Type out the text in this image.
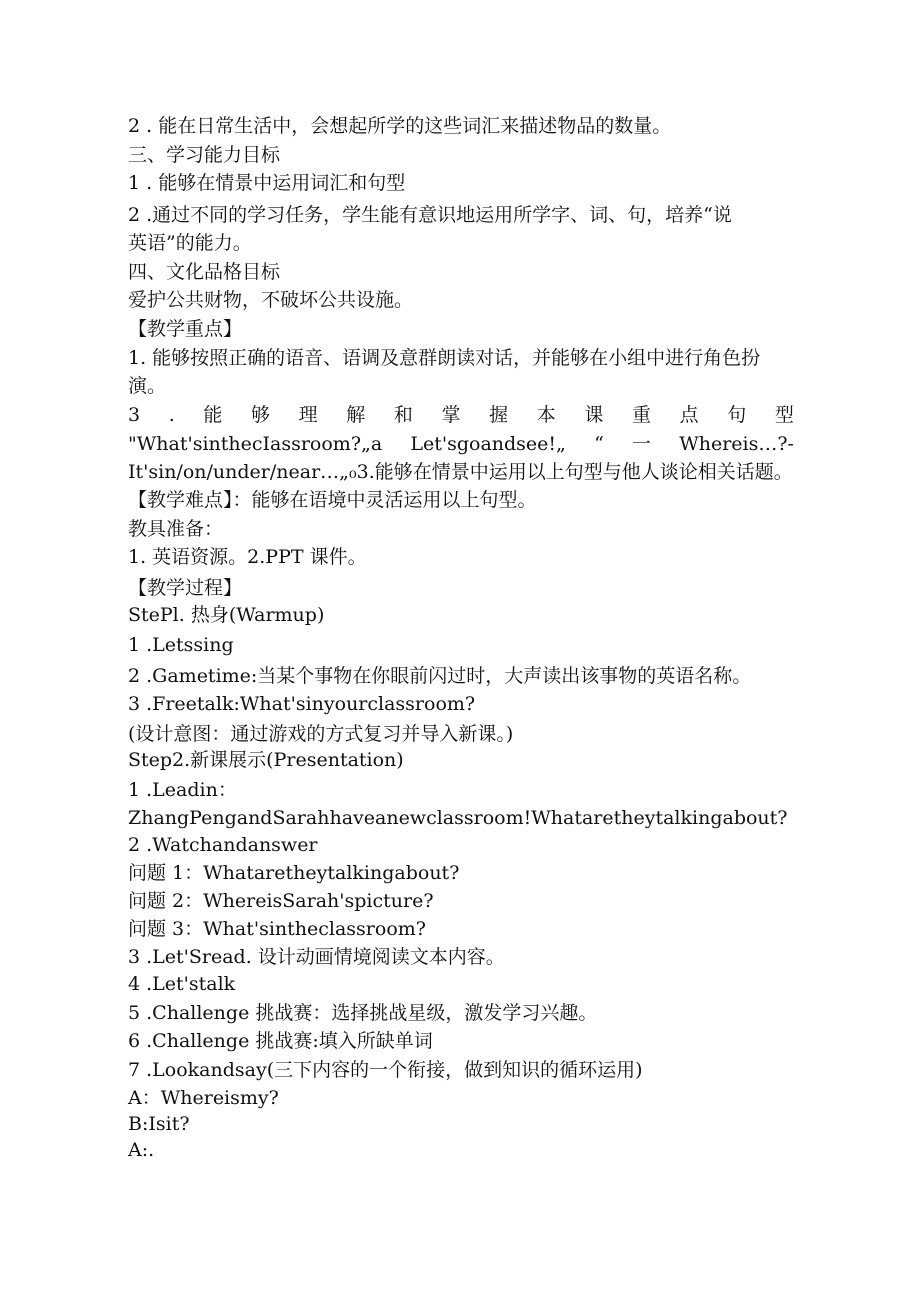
2 . 能在日常生活中，会想起所学的这些词汇来描述物品的数量。
三、学习能力目标
1 . 能够在情景中运用词汇和句型
2 .通过不同的学习任务，学生能有意识地运用所学字、词、句，培养“说
英语”的能力。
四、文化品格目标
爱护公共财物，不破坏公共设施。
【教学重点】
1. 能够按照正确的语音、语调及意群朗读对话，并能够在小组中进行角色扮
演。
3 . 能 够 理 解 和 掌 握 本 课 重 点 句 型
"What'sinthecIassroom?„a Let'sgoandsee!„ “ 一 Whereis…?-
It'sin/on/under/near…„₀3.能够在情景中运用以上句型与他人谈论相关话题。
【教学难点】：能够在语境中灵活运用以上句型。
教具准备：
1. 英语资源。2.PPT 课件。
【教学过程】
StePl. 热身(Warmup)
1 .Letssing
2 .Gametime:当某个事物在你眼前闪过时，大声读出该事物的英语名称。
3 .Freetalk:What'sinyourclassroom?
(设计意图：通过游戏的方式复习并导入新课。)
Step2.新课展示(Presentation)
1 .Leadin：
ZhangPengandSarahhaveanewclassroom!Whataretheytalkingabout?
2 .Watchandanswer
问题 1：Whataretheytalkingabout?
问题 2：WhereisSarah'spicture?
问题 3：What'sintheclassroom?
3 .Let'Sread. 设计动画情境阅读文本内容。
4 .Let'stalk
5 .Challenge 挑战赛：选择挑战星级，激发学习兴趣。
6 .Challenge 挑战赛:填入所缺单词
7 .Lookandsay(三下内容的一个衔接，做到知识的循环运用)
A：Whereismy?
B:Isit?
A:.
